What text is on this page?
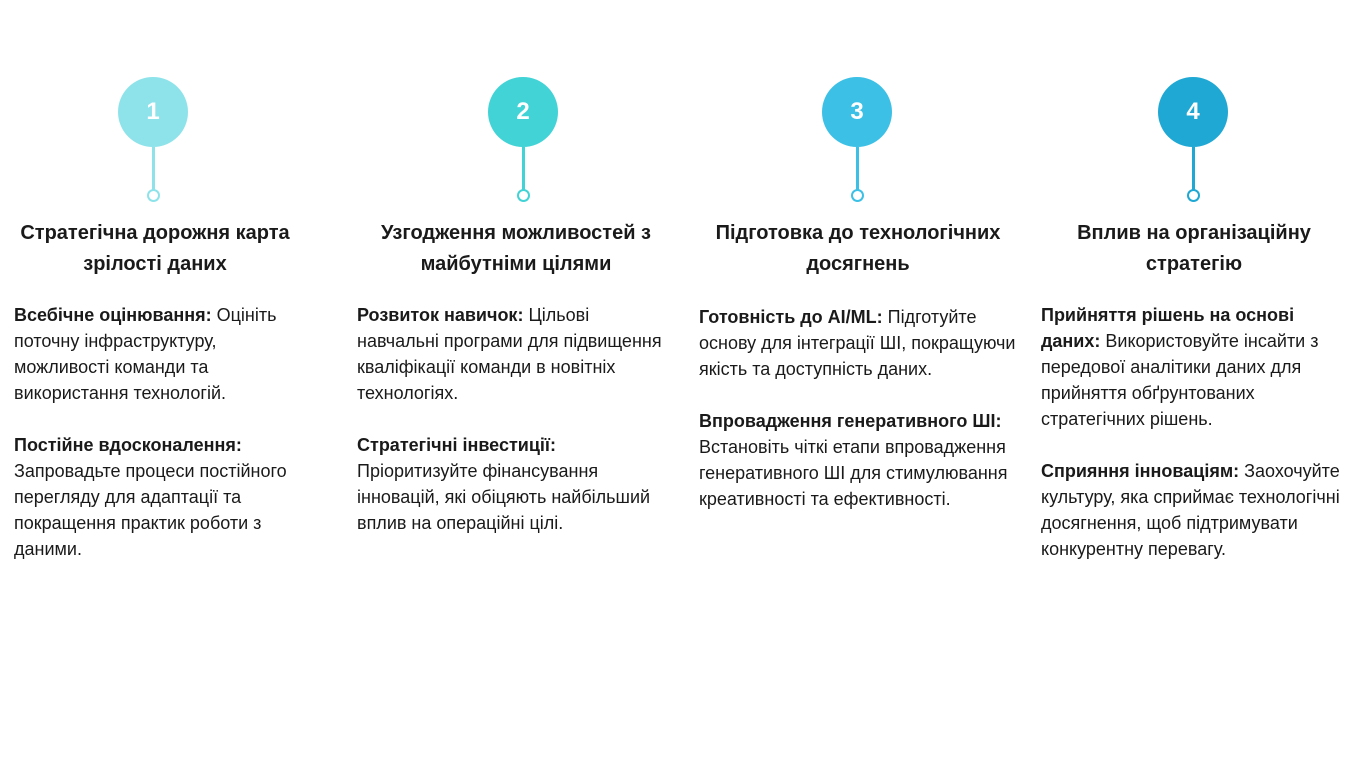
1
Стратегічна дорожня карта
зрілості даних

Всебічне оцінювання: Оцініть поточну інфраструктуру, можливості команди та використання технологій.

Постійне вдосконалення: Запровадьте процеси постійного перегляду для адаптації та покращення практик роботи з даними.

2
Узгодження можливостей з
майбутніми цілями

Розвиток навичок: Цільові навчальні програми для підвищення кваліфікації команди в новітніх технологіях.

Стратегічні інвестиції: Пріоритизуйте фінансування інновацій, які обіцяють найбільший вплив на операційні цілі.

3
Підготовка до технологічних
досягнень

Готовність до AI/ML: Підготуйте основу для інтеграції ШІ, покращуючи якість та доступність даних.

Впровадження генеративного ШІ: Встановіть чіткі етапи впровадження генеративного ШІ для стимулювання креативності та ефективності.

4
Вплив на організаційну
стратегію

Прийняття рішень на основі даних: Використовуйте інсайти з передової аналітики даних для прийняття обґрунтованих стратегічних рішень.

Сприяння інноваціям: Заохочуйте культуру, яка сприймає технологічні досягнення, щоб підтримувати конкурентну перевагу.
